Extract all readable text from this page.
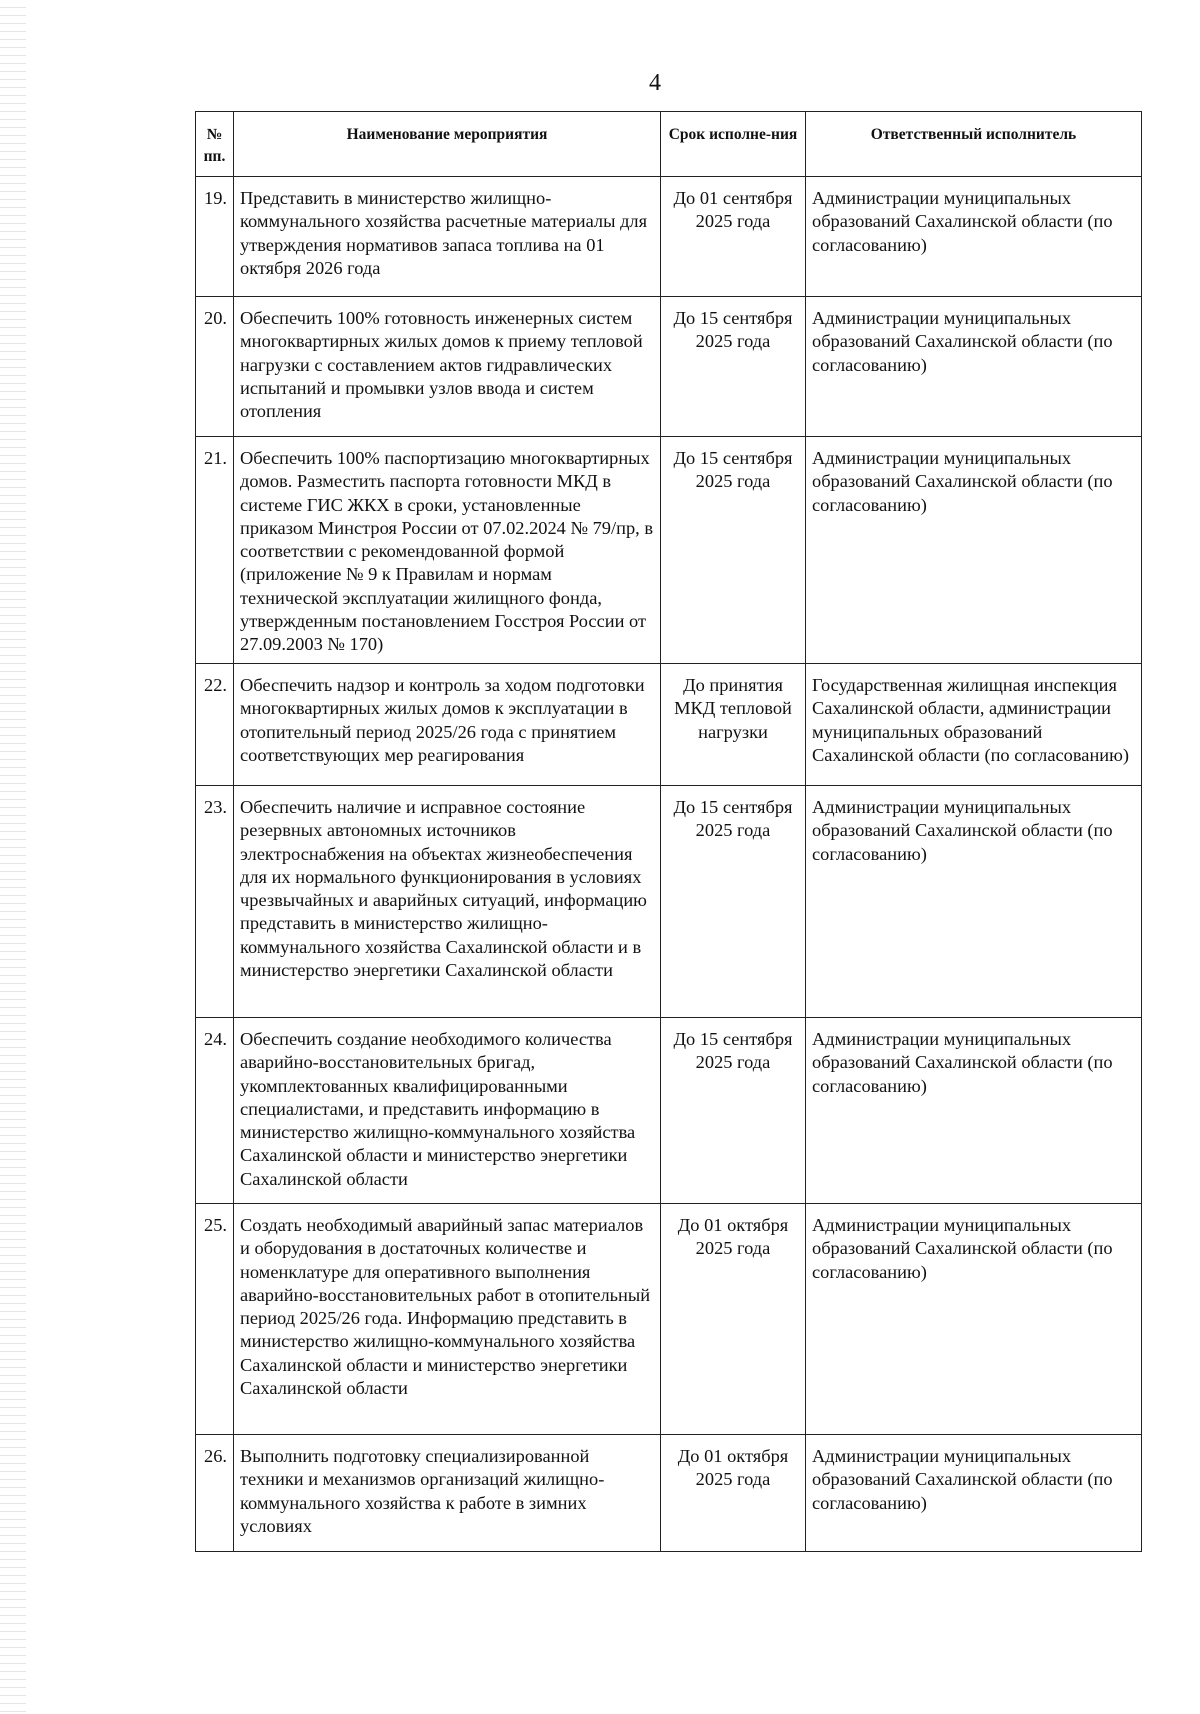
4
№ пп.	Наименование мероприятия	Срок исполне-ния	Ответственный исполнитель
19.	Представить в министерство жилищно-коммунального хозяйства расчетные материалы для утверждения нормативов запаса топлива на 01 октября 2026 года	До 01 сентября 2025 года	Администрации муниципальных образований Сахалинской области (по согласованию)
20.	Обеспечить 100% готовность инженерных систем многоквартирных жилых домов к приему тепловой нагрузки с составлением актов гидравлических испытаний и промывки узлов ввода и систем отопления	До 15 сентября 2025 года	Администрации муниципальных образований Сахалинской области (по согласованию)
21.	Обеспечить 100% паспортизацию многоквартирных домов. Разместить паспорта готовности МКД в системе ГИС ЖКХ в сроки, установленные приказом Минстроя России от 07.02.2024 № 79/пр, в соответствии с рекомендованной формой (приложение № 9 к Правилам и нормам технической эксплуатации жилищного фонда, утвержденным постановлением Госстроя России от 27.09.2003 № 170)	До 15 сентября 2025 года	Администрации муниципальных образований Сахалинской области (по согласованию)
22.	Обеспечить надзор и контроль за ходом подготовки многоквартирных жилых домов к эксплуатации в отопительный период 2025/26 года с принятием соответствующих мер реагирования	До принятия МКД тепловой нагрузки	Государственная жилищная инспекция Сахалинской области, администрации муниципальных образований Сахалинской области (по согласованию)
23.	Обеспечить наличие и исправное состояние резервных автономных источников электроснабжения на объектах жизнеобеспечения для их нормального функционирования в условиях чрезвычайных и аварийных ситуаций, информацию представить в министерство жилищно-коммунального хозяйства Сахалинской области и в министерство энергетики Сахалинской области	До 15 сентября 2025 года	Администрации муниципальных образований Сахалинской области (по согласованию)
24.	Обеспечить создание необходимого количества аварийно-восстановительных бригад, укомплектованных квалифицированными специалистами, и представить информацию в министерство жилищно-коммунального хозяйства Сахалинской области и министерство энергетики Сахалинской области	До 15 сентября 2025 года	Администрации муниципальных образований Сахалинской области (по согласованию)
25.	Создать необходимый аварийный запас материалов и оборудования в достаточных количестве и номенклатуре для оперативного выполнения аварийно-восстановительных работ в отопительный период 2025/26 года. Информацию представить в министерство жилищно-коммунального хозяйства Сахалинской области и министерство энергетики Сахалинской области	До 01 октября 2025 года	Администрации муниципальных образований Сахалинской области (по согласованию)
26.	Выполнить подготовку специализированной техники и механизмов организаций жилищно-коммунального хозяйства к работе в зимних условиях	До 01 октября 2025 года	Администрации муниципальных образований Сахалинской области (по согласованию)
